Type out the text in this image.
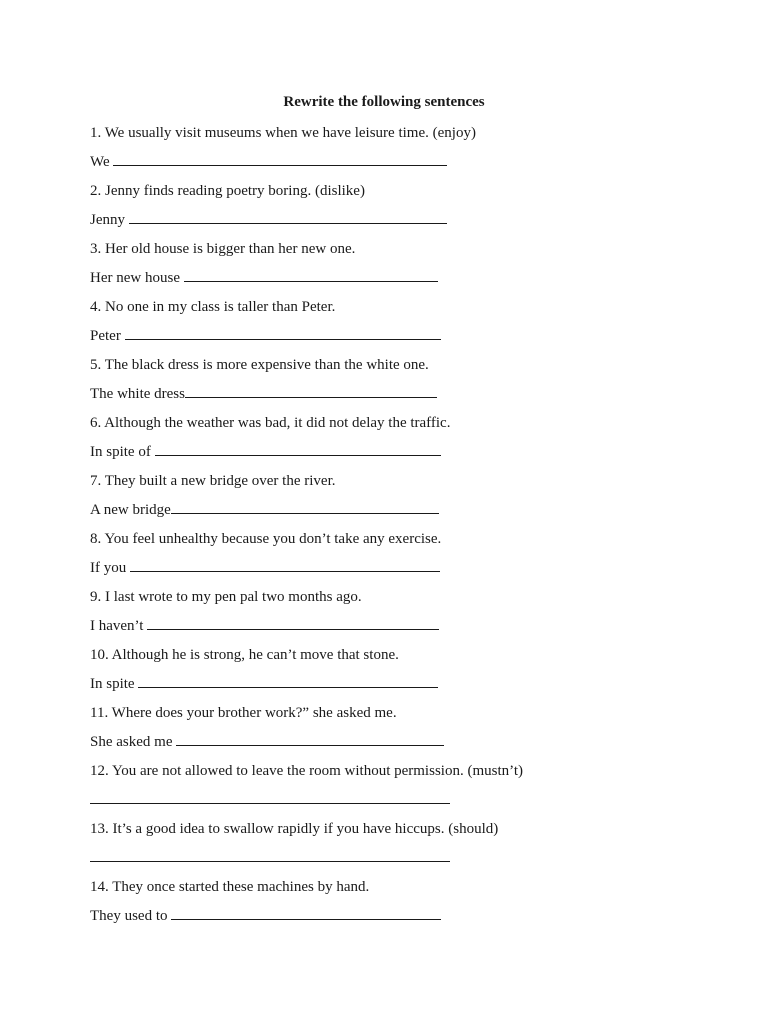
Rewrite the following sentences
1. We usually visit museums when we have leisure time. (enjoy)
We
2. Jenny finds reading poetry boring. (dislike)
Jenny
3. Her old house is bigger than her new one.
Her new house
4. No one in my class is taller than Peter.
Peter
5. The black dress is more expensive than the white one.
The white dress
6. Although the weather was bad, it did not delay the traffic.
In spite of
7. They built a new bridge over the river.
A new bridge
8. You feel unhealthy because you don’t take any exercise.
If you
9. I last wrote to my pen pal two months ago.
I haven’t
10. Although he is strong, he can’t move that stone.
In spite
11. Where does your brother work?” she asked me.
She asked me
12. You are not allowed to leave the room without permission. (mustn’t)
13. It’s a good idea to swallow rapidly if you have hiccups. (should)
14. They once started these machines by hand.
They used to
